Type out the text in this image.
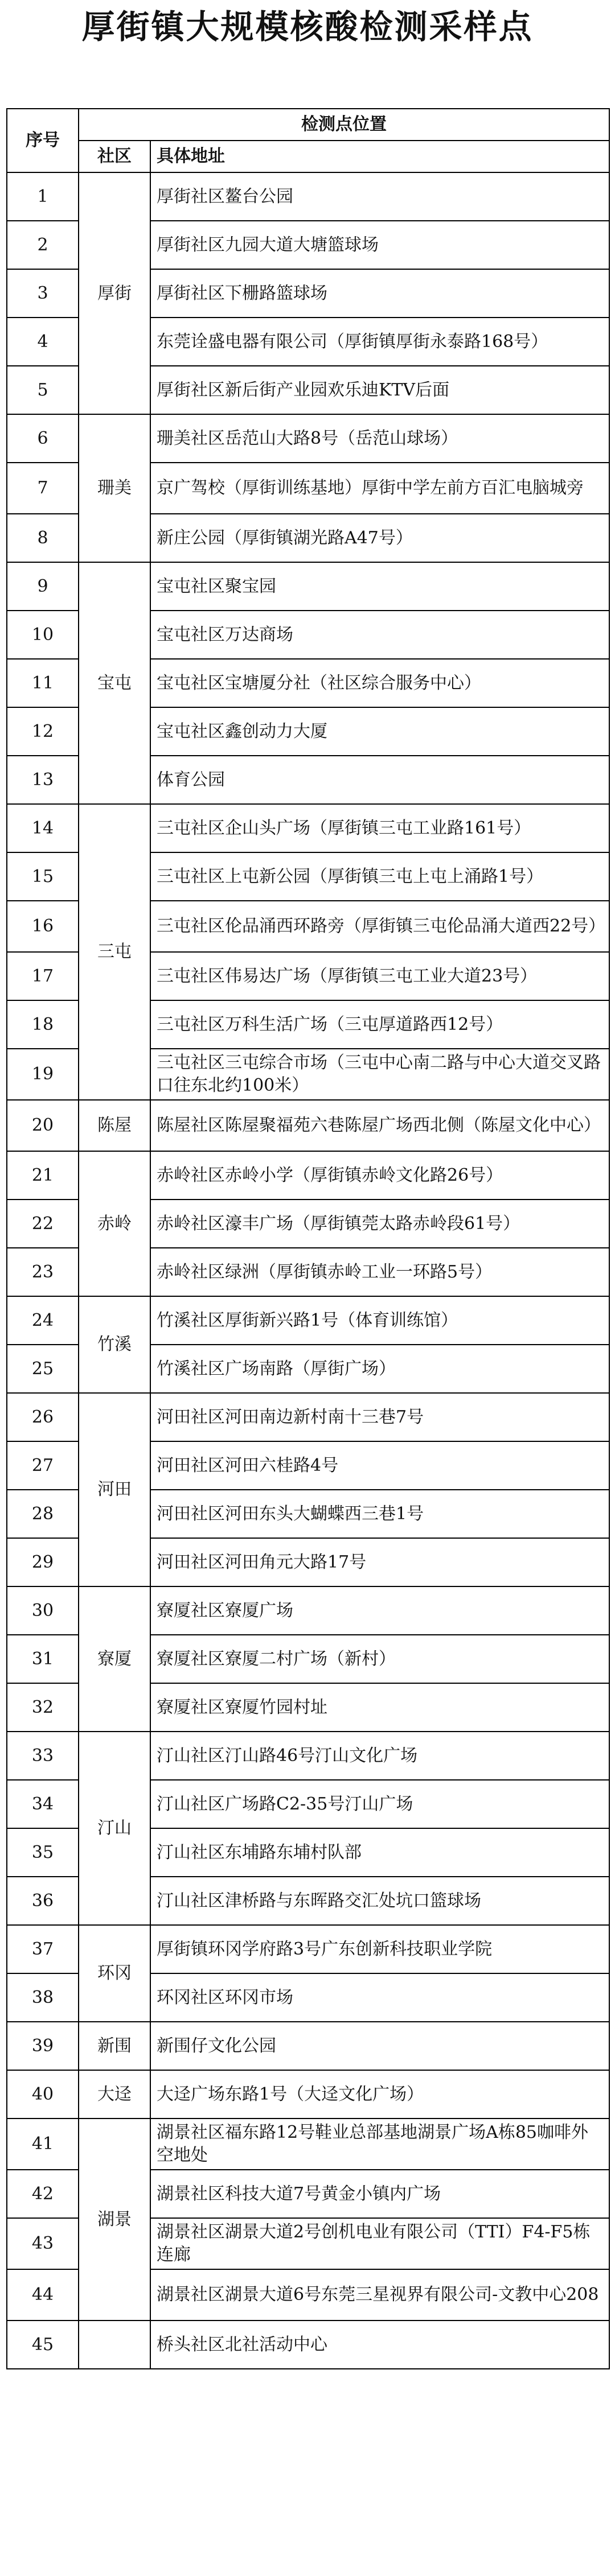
厚街镇大规模核酸检测采样点
序号	检测点位置	
	社区	具体地址
1	厚街	厚街社区鳌台公园
2		厚街社区九园大道大塘篮球场
3		厚街社区下栅路篮球场
4		东莞诠盛电器有限公司（厚街镇厚街永泰路168号）
5		厚街社区新后街产业园欢乐迪KTV后面
6	珊美	珊美社区岳范山大路8号（岳范山球场）
7		京广驾校（厚街训练基地）厚街中学左前方百汇电脑城旁
8		新庄公园（厚街镇湖光路A47号）
9	宝屯	宝屯社区聚宝园
10		宝屯社区万达商场
11		宝屯社区宝塘厦分社（社区综合服务中心）
12		宝屯社区鑫创动力大厦
13		体育公园
14	三屯	三屯社区企山头广场（厚街镇三屯工业路161号）
15		三屯社区上屯新公园（厚街镇三屯上屯上涌路1号）
16		三屯社区伦品涌西环路旁（厚街镇三屯伦品涌大道西22号）
17		三屯社区伟易达广场（厚街镇三屯工业大道23号）
18		三屯社区万科生活广场（三屯厚道路西12号）
19		三屯社区三屯综合市场（三屯中心南二路与中心大道交叉路口往东北约100米）
20	陈屋	陈屋社区陈屋聚福苑六巷陈屋广场西北侧（陈屋文化中心）
21	赤岭	赤岭社区赤岭小学（厚街镇赤岭文化路26号）
22		赤岭社区濠丰广场（厚街镇莞太路赤岭段61号）
23		赤岭社区绿洲（厚街镇赤岭工业一环路5号）
24	竹溪	竹溪社区厚街新兴路1号（体育训练馆）
25		竹溪社区广场南路（厚街广场）
26	河田	河田社区河田南边新村南十三巷7号
27		河田社区河田六桂路4号
28		河田社区河田东头大蝴蝶西三巷1号
29		河田社区河田角元大路17号
30	寮厦	寮厦社区寮厦广场
31		寮厦社区寮厦二村广场（新村）
32		寮厦社区寮厦竹园村址
33	汀山	汀山社区汀山路46号汀山文化广场
34		汀山社区广场路C2-35号汀山广场
35		汀山社区东埔路东埔村队部
36		汀山社区津桥路与东晖路交汇处坑口篮球场
37	环冈	厚街镇环冈学府路3号广东创新科技职业学院
38		环冈社区环冈市场
39	新围	新围仔文化公园
40	大迳	大迳广场东路1号（大迳文化广场）
41	湖景	湖景社区福东路12号鞋业总部基地湖景广场A栋85咖啡外空地处
42		湖景社区科技大道7号黄金小镇内广场
43		湖景社区湖景大道2号创机电业有限公司（TTI）F4-F5栋连廊
44		湖景社区湖景大道6号东莞三星视界有限公司-文教中心208
45		桥头社区北社活动中心
